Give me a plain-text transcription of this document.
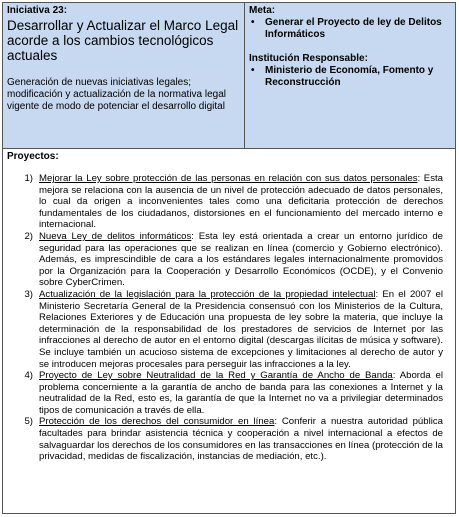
Iniciativa 23:
Desarrollar y Actualizar el Marco Legal acorde a los cambios tecnológicos actuales
Generación de nuevas iniciativas legales; modificación y actualización de la normativa legal vigente de modo de potenciar el desarrollo digital
Meta:
• Generar el Proyecto de ley de Delitos Informáticos
Institución Responsable:
• Ministerio de Economía, Fomento y Reconstrucción
Proyectos:
1) Mejorar la Ley sobre protección de las personas en relación con sus datos personales: Esta mejora se relaciona con la ausencia de un nivel de protección adecuado de datos personales, lo cual da origen a inconvenientes tales como una deficitaria protección de derechos fundamentales de los ciudadanos, distorsiones en el funcionamiento del mercado interno e internacional.
2) Nueva Ley de delitos informáticos: Esta ley está orientada a crear un entorno jurídico de seguridad para las operaciones que se realizan en línea (comercio y Gobierno electrónico). Además, es imprescindible de cara a los estándares legales internacionalmente promovidos por la Organización para la Cooperación y Desarrollo Económicos (OCDE), y el Convenio sobre CyberCrimen.
3) Actualización de la legislación para la protección de la propiedad intelectual: En el 2007 el Ministerio Secretaría General de la Presidencia consensuó con los Ministerios de la Cultura, Relaciones Exteriores y de Educación una propuesta de ley sobre la materia, que incluye la determinación de la responsabilidad de los prestadores de servicios de Internet por las infracciones al derecho de autor en el entorno digital (descargas ilícitas de música y software). Se incluye también un acucioso sistema de excepciones y limitaciones al derecho de autor y se introducen mejoras procesales para perseguir las infracciones a la ley.
4) Proyecto de Ley sobre Neutralidad de la Red y Garantía de Ancho de Banda: Aborda el problema concerniente a la garantía de ancho de banda para las conexiones a Internet y la neutralidad de la Red, esto es, la garantía de que la Internet no va a privilegiar determinados tipos de comunicación a través de ella.
5) Protección de los derechos del consumidor en línea: Conferir a nuestra autoridad pública facultades para brindar asistencia técnica y cooperación a nivel internacional a efectos de salvaguardar los derechos de los consumidores en las transacciones en línea (protección de la privacidad, medidas de fiscalización, instancias de mediación, etc.).
